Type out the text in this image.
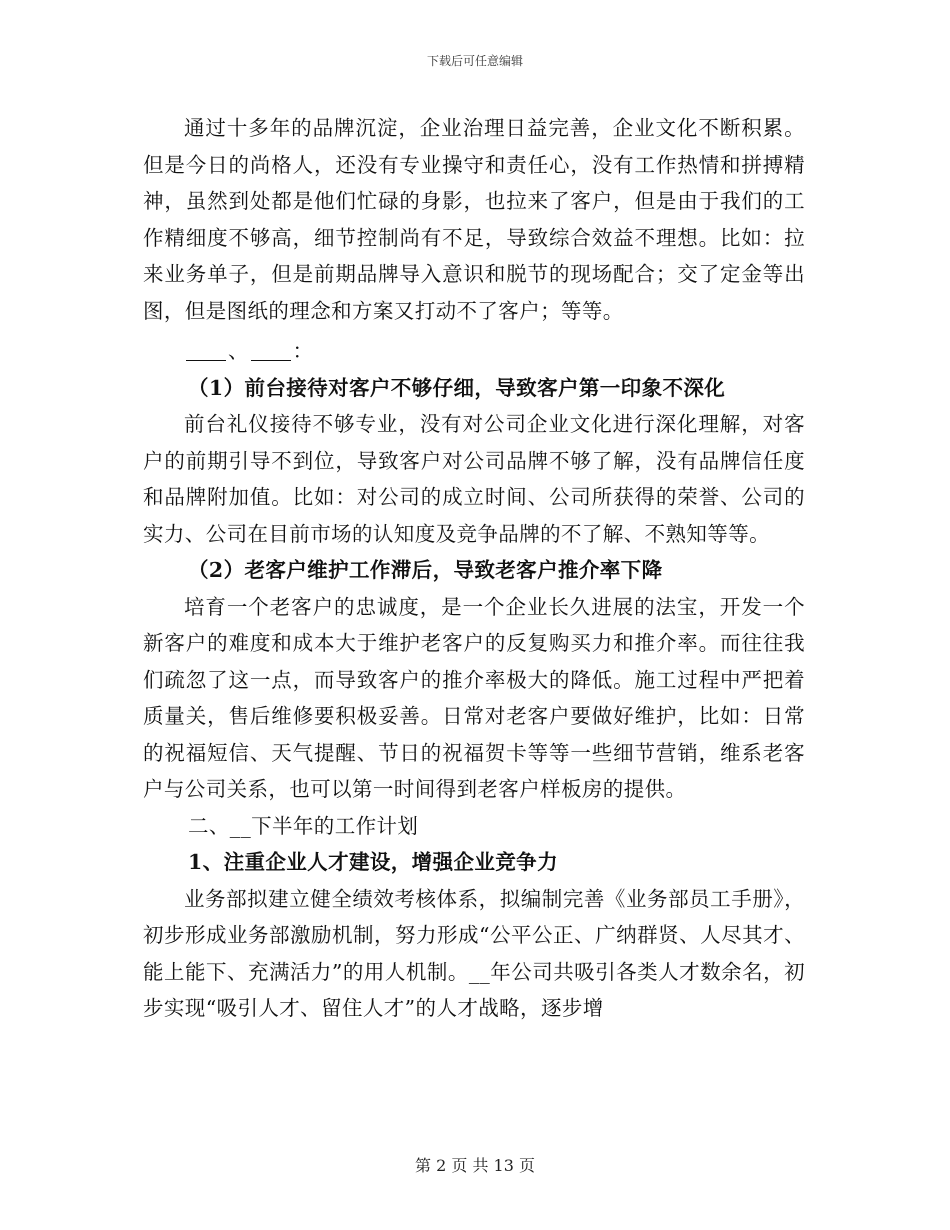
下载后可任意编辑

通过十多年的品牌沉淀，企业治理日益完善，企业文化不断积累。但是今日的尚格人，还没有专业操守和责任心，没有工作热情和拼搏精神，虽然到处都是他们忙碌的身影，也拉来了客户，但是由于我们的工作精细度不够高，细节控制尚有不足，导致综合效益不理想。比如：拉来业务单子，但是前期品牌导入意识和脱节的现场配合；交了定金等出图，但是图纸的理念和方案又打动不了客户；等等。

、 ：

（1）前台接待对客户不够仔细，导致客户第一印象不深化

前台礼仪接待不够专业，没有对公司企业文化进行深化理解，对客户的前期引导不到位，导致客户对公司品牌不够了解，没有品牌信任度和品牌附加值。比如：对公司的成立时间、公司所获得的荣誉、公司的实力、公司在目前市场的认知度及竞争品牌的不了解、不熟知等等。

（2）老客户维护工作滞后，导致老客户推介率下降

培育一个老客户的忠诚度，是一个企业长久进展的法宝，开发一个新客户的难度和成本大于维护老客户的反复购买力和推介率。而往往我们疏忽了这一点，而导致客户的推介率极大的降低。施工过程中严把着质量关，售后维修要积极妥善。日常对老客户要做好维护，比如：日常的祝福短信、天气提醒、节日的祝福贺卡等等一些细节营销，维系老客户与公司关系，也可以第一时间得到老客户样板房的提供。

二、__下半年的工作计划

1、注重企业人才建设，增强企业竞争力

业务部拟建立健全绩效考核体系，拟编制完善《业务部员工手册》，初步形成业务部激励机制，努力形成“公平公正、广纳群贤、人尽其才、能上能下、充满活力”的用人机制。__年公司共吸引各类人才数余名，初步实现“吸引人才、留住人才”的人才战略，逐步增

第 2 页 共 13 页
